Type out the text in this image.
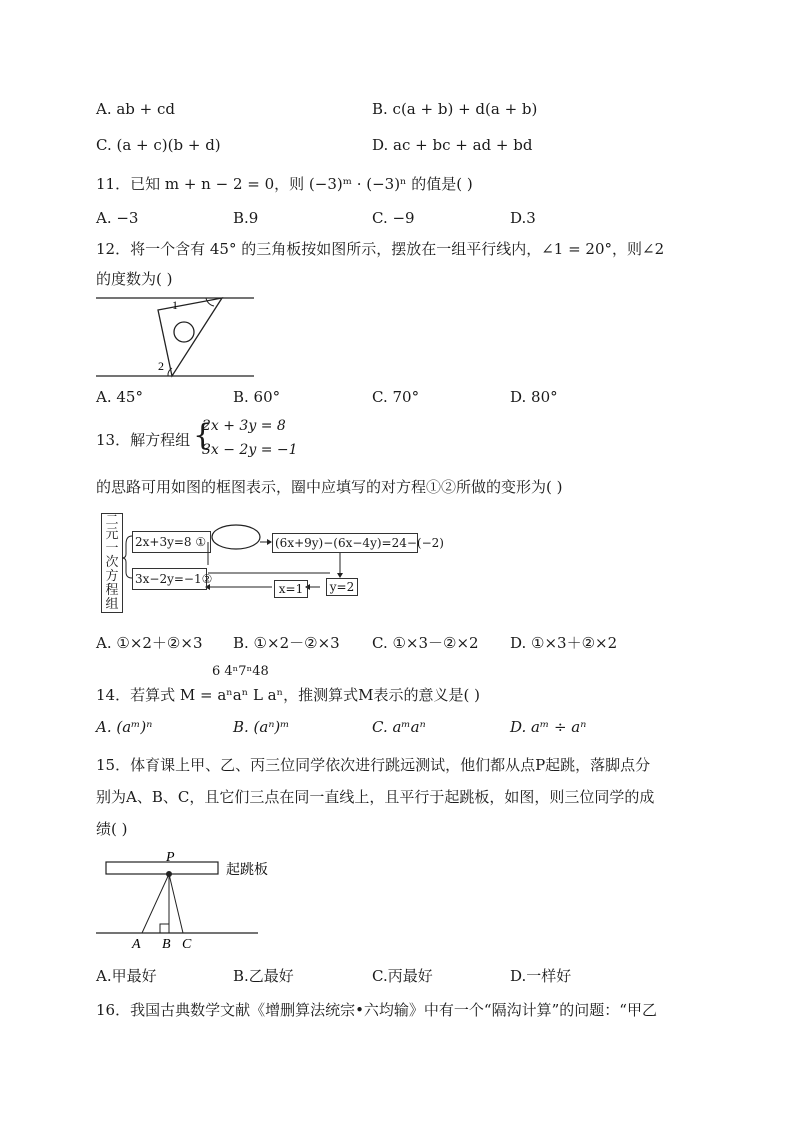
A. ab + cd	B. c(a + b) + d(a + b)
C. (a + c)(b + d)	D. ac + bc + ad + bd
11．已知 m + n − 2 = 0，则 (−3)ᵐ · (−3)ⁿ 的值是( )
A. −3	B.9	C. −9	D.3
12．将一个含有 45° 的三角板按如图所示，摆放在一组平行线内，∠1 = 20°，则∠2
的度数为( )
1
2
A. 45°	B. 60°	C. 70°	D. 80°
13．解方程组 {
2x + 3y = 8
3x − 2y = −1
的思路可用如图的框图表示，圈中应填写的对方程①②所做的变形为( )
二元一次方程组
2x+3y=8 ①
3x−2y=−1②
(6x+9y)−(6x−4y)=24−(−2)
y=2
x=1
A. ①×2＋②×3 B. ①×2－②×3 C. ①×3－②×2 D. ①×3＋②×2
6 4ⁿ7ⁿ48
14．若算式 M = aⁿaⁿ L aⁿ，推测算式M表示的意义是( )
A. (aᵐ)ⁿ	B. (aⁿ)ᵐ	C. aᵐaⁿ	D. aᵐ ÷ aⁿ
15．体育课上甲、乙、丙三位同学依次进行跳远测试，他们都从点P起跳，落脚点分
别为A、B、C，且它们三点在同一直线上，且平行于起跳板，如图，则三位同学的成
绩( )
P
起跳板
A B C
A.甲最好	B.乙最好	C.丙最好	D.一样好
16．我国古典数学文献《增删算法统宗•六均输》中有一个“隔沟计算”的问题：“甲乙
